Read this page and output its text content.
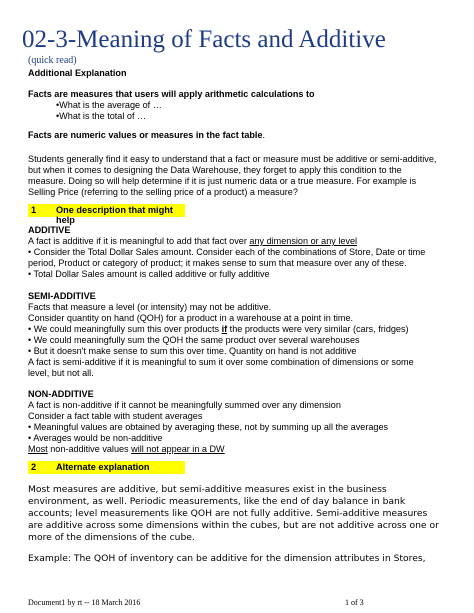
02-3-Meaning of Facts and Additive
(quick read)
Additional Explanation
Facts are measures that users will apply arithmetic calculations to
•What is the average of …
•What is the total of …
Facts are numeric values or measures in the fact table.
Students generally find it easy to understand that a fact or measure must be additive or semi-additive,
but when it comes to designing the Data Warehouse, they forget to apply this condition to the
measure. Doing so will help determine if it is just numeric data or a true measure. For example is
Selling Price (referring to the selling price of a product) a measure?
1 One description that might help
ADDITIVE
A fact is additive if it is meaningful to add that fact over any dimension or any level
• Consider the Total Dollar Sales amount. Consider each of the combinations of Store, Date or time
period, Product or category of product; it makes sense to sum that measure over any of these.
• Total Dollar Sales amount is called additive or fully additive
SEMI-ADDITIVE
Facts that measure a level (or intensity) may not be additive.
Consider quantity on hand (QOH) for a product in a warehouse at a point in time.
• We could meaningfully sum this over products if the products were very similar (cars, fridges)
• We could meaningfully sum the QOH the same product over several warehouses
• But it doesn't make sense to sum this over time. Quantity on hand is not additive
A fact is semi-additive if it is meaningful to sum it over some combination of dimensions or some
level, but not all.
NON-ADDITIVE
A fact is non-additive if it cannot be meaningfully summed over any dimension
Consider a fact table with student averages
• Meaningful values are obtained by averaging these, not by summing up all the averages
• Averages would be non-additive
Most non-additive values will not appear in a DW
2 Alternate explanation
Most measures are additive, but semi-additive measures exist in the business
environment, as well. Periodic measurements, like the end of day balance in bank
accounts; level measurements like QOH are not fully additive. Semi-additive measures
are additive across some dimensions within the cubes, but are not additive across one or
more of the dimensions of the cube.
Example: The QOH of inventory can be additive for the dimension attributes in Stores,
Document1 by rt -- 18 March 2016	1 of 3
